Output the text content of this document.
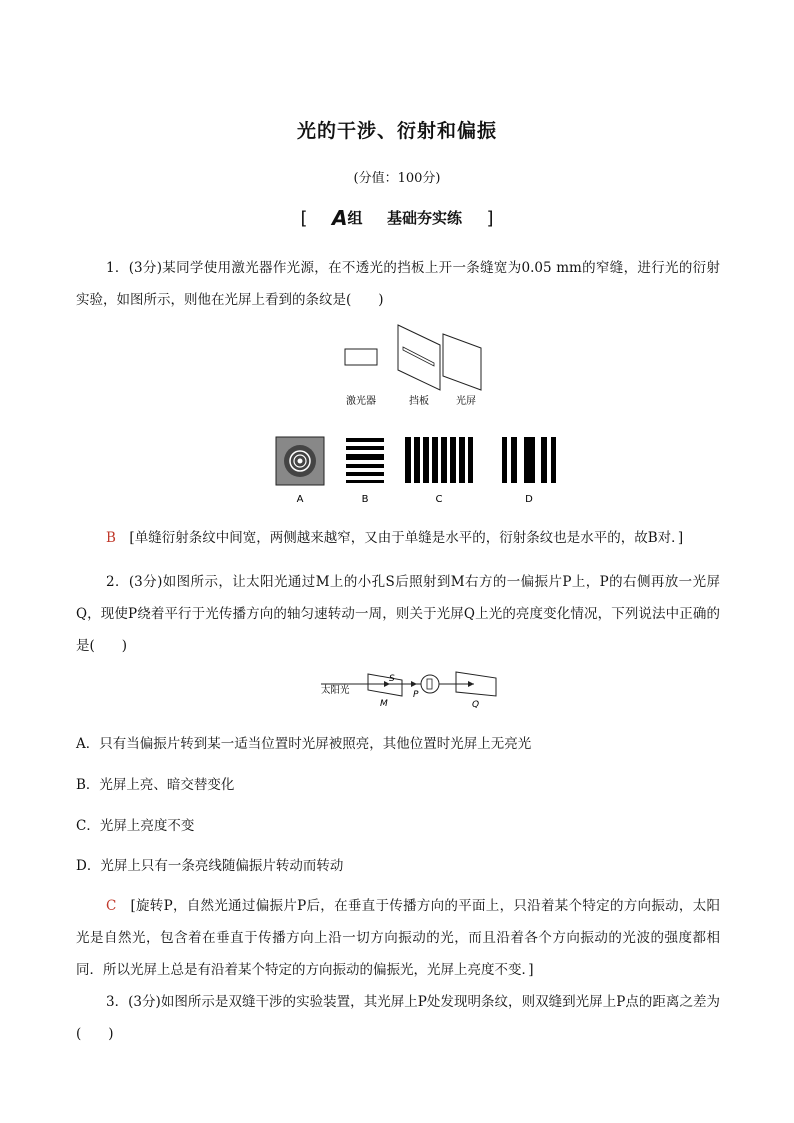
光的干涉、衍射和偏振
(分值：100分)
[ A组 基础夯实练 ]
1．(3分)某同学使用激光器作光源，在不透光的挡板上开一条缝宽为0.05 mm的窄缝，进行光的衍射实验，如图所示，则他在光屏上看到的条纹是(　　)
激光器	挡板	光屏
A	B	C	D
B　 [单缝衍射条纹中间宽，两侧越来越窄，又由于单缝是水平的，衍射条纹也是水平的，故B对．]
2．(3分)如图所示，让太阳光通过M上的小孔S后照射到M右方的一偏振片P上，P的右侧再放一光屏Q，现使P绕着平行于光传播方向的轴匀速转动一周，则关于光屏Q上光的亮度变化情况，下列说法中正确的是(　　)
太阳光
S
M
P
Q
A．只有当偏振片转到某一适当位置时光屏被照亮，其他位置时光屏上无亮光
B．光屏上亮、暗交替变化
C．光屏上亮度不变
D．光屏上只有一条亮线随偏振片转动而转动
C　 [旋转P，自然光通过偏振片P后，在垂直于传播方向的平面上，只沿着某个特定的方向振动，太阳光是自然光，包含着在垂直于传播方向上沿一切方向振动的光，而且沿着各个方向振动的光波的强度都相同．所以光屏上总是有沿着某个特定的方向振动的偏振光，光屏上亮度不变．]
3．(3分)如图所示是双缝干涉的实验装置，其光屏上P处发现明条纹，则双缝到光屏上P点的距离之差为(　　)
